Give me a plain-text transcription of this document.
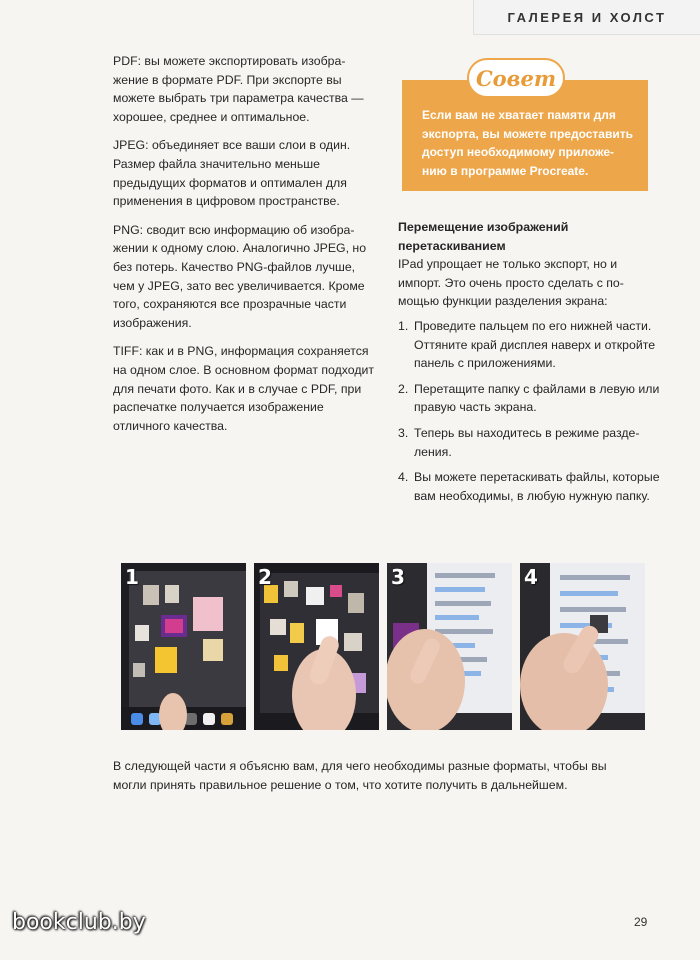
ГАЛЕРЕЯ И ХОЛСТ

PDF: вы можете экспортировать изображение в формате PDF. При экспорте вы можете выбрать три параметра качества — хорошее, среднее и оптимальное.

JPEG: объединяет все ваши слои в один. Размер файла значительно меньше предыдущих форматов и оптимален для применения в цифровом пространстве.

PNG: сводит всю информацию об изображении к одному слою. Аналогично JPEG, но без потерь. Качество PNG-файлов лучше, чем у JPEG, зато вес увеличивается. Кроме того, сохраняются все прозрачные части изображения.

TIFF: как и в PNG, информация сохраняется на одном слое. В основном формат подходит для печати фото. Как и в случае с PDF, при распечатке получается изображение отличного качества.

Совет
Если вам не хватает памяти для экспорта, вы можете предоставить доступ необходимому приложению в программе Procreate.
Перемещение изображений перетаскиванием

IPad упрощает не только экспорт, но и импорт. Это очень просто сделать с помощью функции разделения экрана:

1. Проведите пальцем по его нижней части. Оттяните край дисплея наверх и откройте панель с приложениями.
2. Перетащите папку с файлами в левую или правую часть экрана.
3. Теперь вы находитесь в режиме разделения.
4. Вы можете перетаскивать файлы, которые вам необходимы, в любую нужную папку.
1	2	3	4
В следующей части я объясню вам, для чего необходимы разные форматы, чтобы вы могли принять правильное решение о том, что хотите получить в дальнейшем.
29
bookclub.by
